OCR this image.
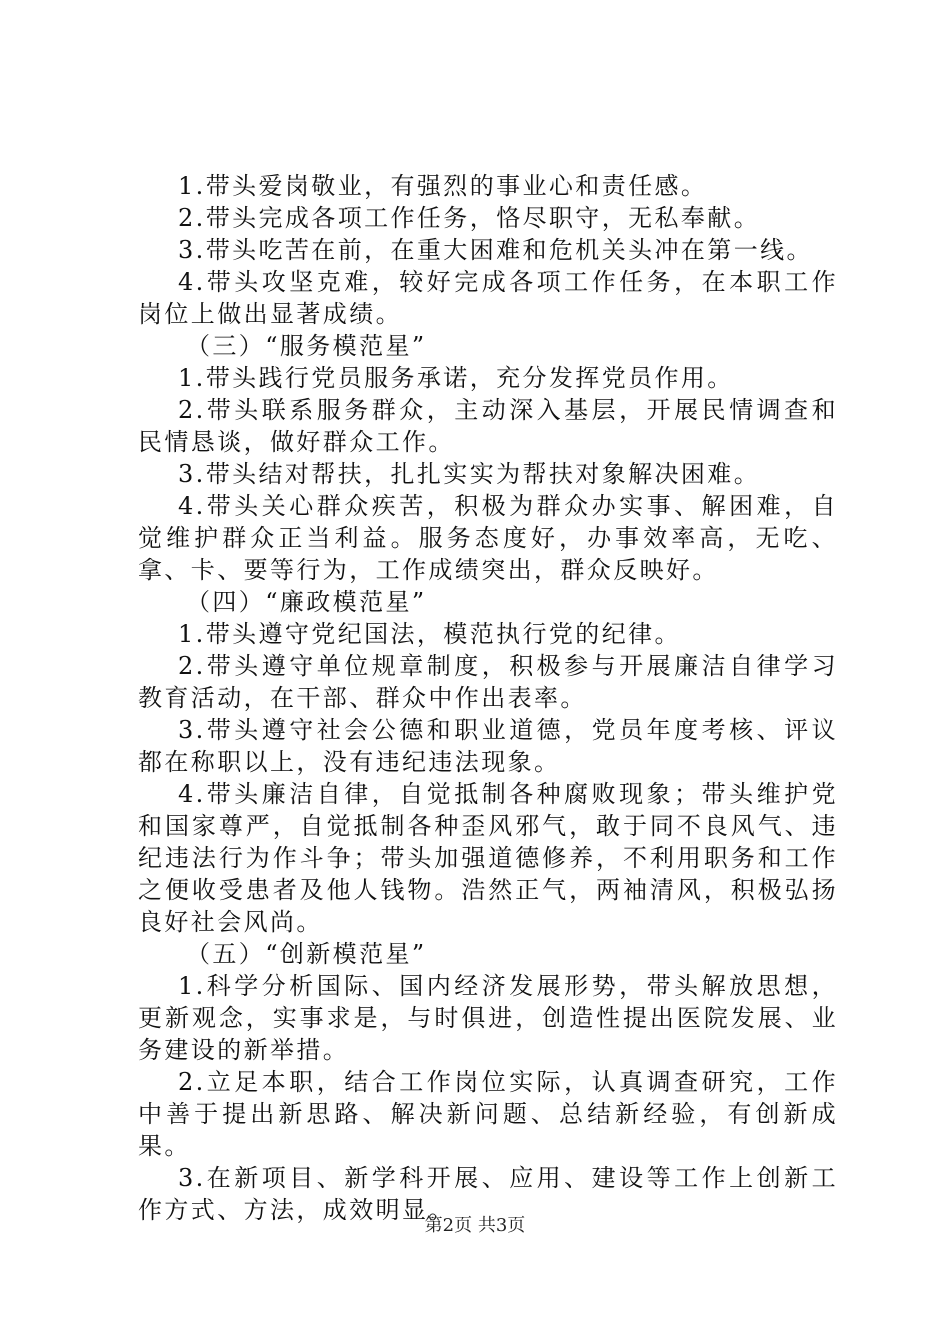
1.带头爱岗敬业，有强烈的事业心和责任感。

2.带头完成各项工作任务，恪尽职守，无私奉献。

3.带头吃苦在前，在重大困难和危机关头冲在第一线。

4.带头攻坚克难，较好完成各项工作任务，在本职工作岗位上做出显著成绩。

（三）“服务模范星”

1.带头践行党员服务承诺，充分发挥党员作用。

2.带头联系服务群众，主动深入基层，开展民情调查和民情恳谈，做好群众工作。

3.带头结对帮扶，扎扎实实为帮扶对象解决困难。

4.带头关心群众疾苦，积极为群众办实事、解困难，自觉维护群众正当利益。服务态度好，办事效率高，无吃、拿、卡、要等行为，工作成绩突出，群众反映好。

（四）“廉政模范星”

1.带头遵守党纪国法，模范执行党的纪律。

2.带头遵守单位规章制度，积极参与开展廉洁自律学习教育活动，在干部、群众中作出表率。

3.带头遵守社会公德和职业道德，党员年度考核、评议都在称职以上，没有违纪违法现象。

4.带头廉洁自律，自觉抵制各种腐败现象；带头维护党和国家尊严，自觉抵制各种歪风邪气，敢于同不良风气、违纪违法行为作斗争；带头加强道德修养，不利用职务和工作之便收受患者及他人钱物。浩然正气，两袖清风，积极弘扬良好社会风尚。

（五）“创新模范星”

1.科学分析国际、国内经济发展形势，带头解放思想，更新观念，实事求是，与时俱进，创造性提出医院发展、业务建设的新举措。

2.立足本职，结合工作岗位实际，认真调查研究，工作中善于提出新思路、解决新问题、总结新经验，有创新成果。

3.在新项目、新学科开展、应用、建设等工作上创新工作方式、方法，成效明显。

第2页 共3页
